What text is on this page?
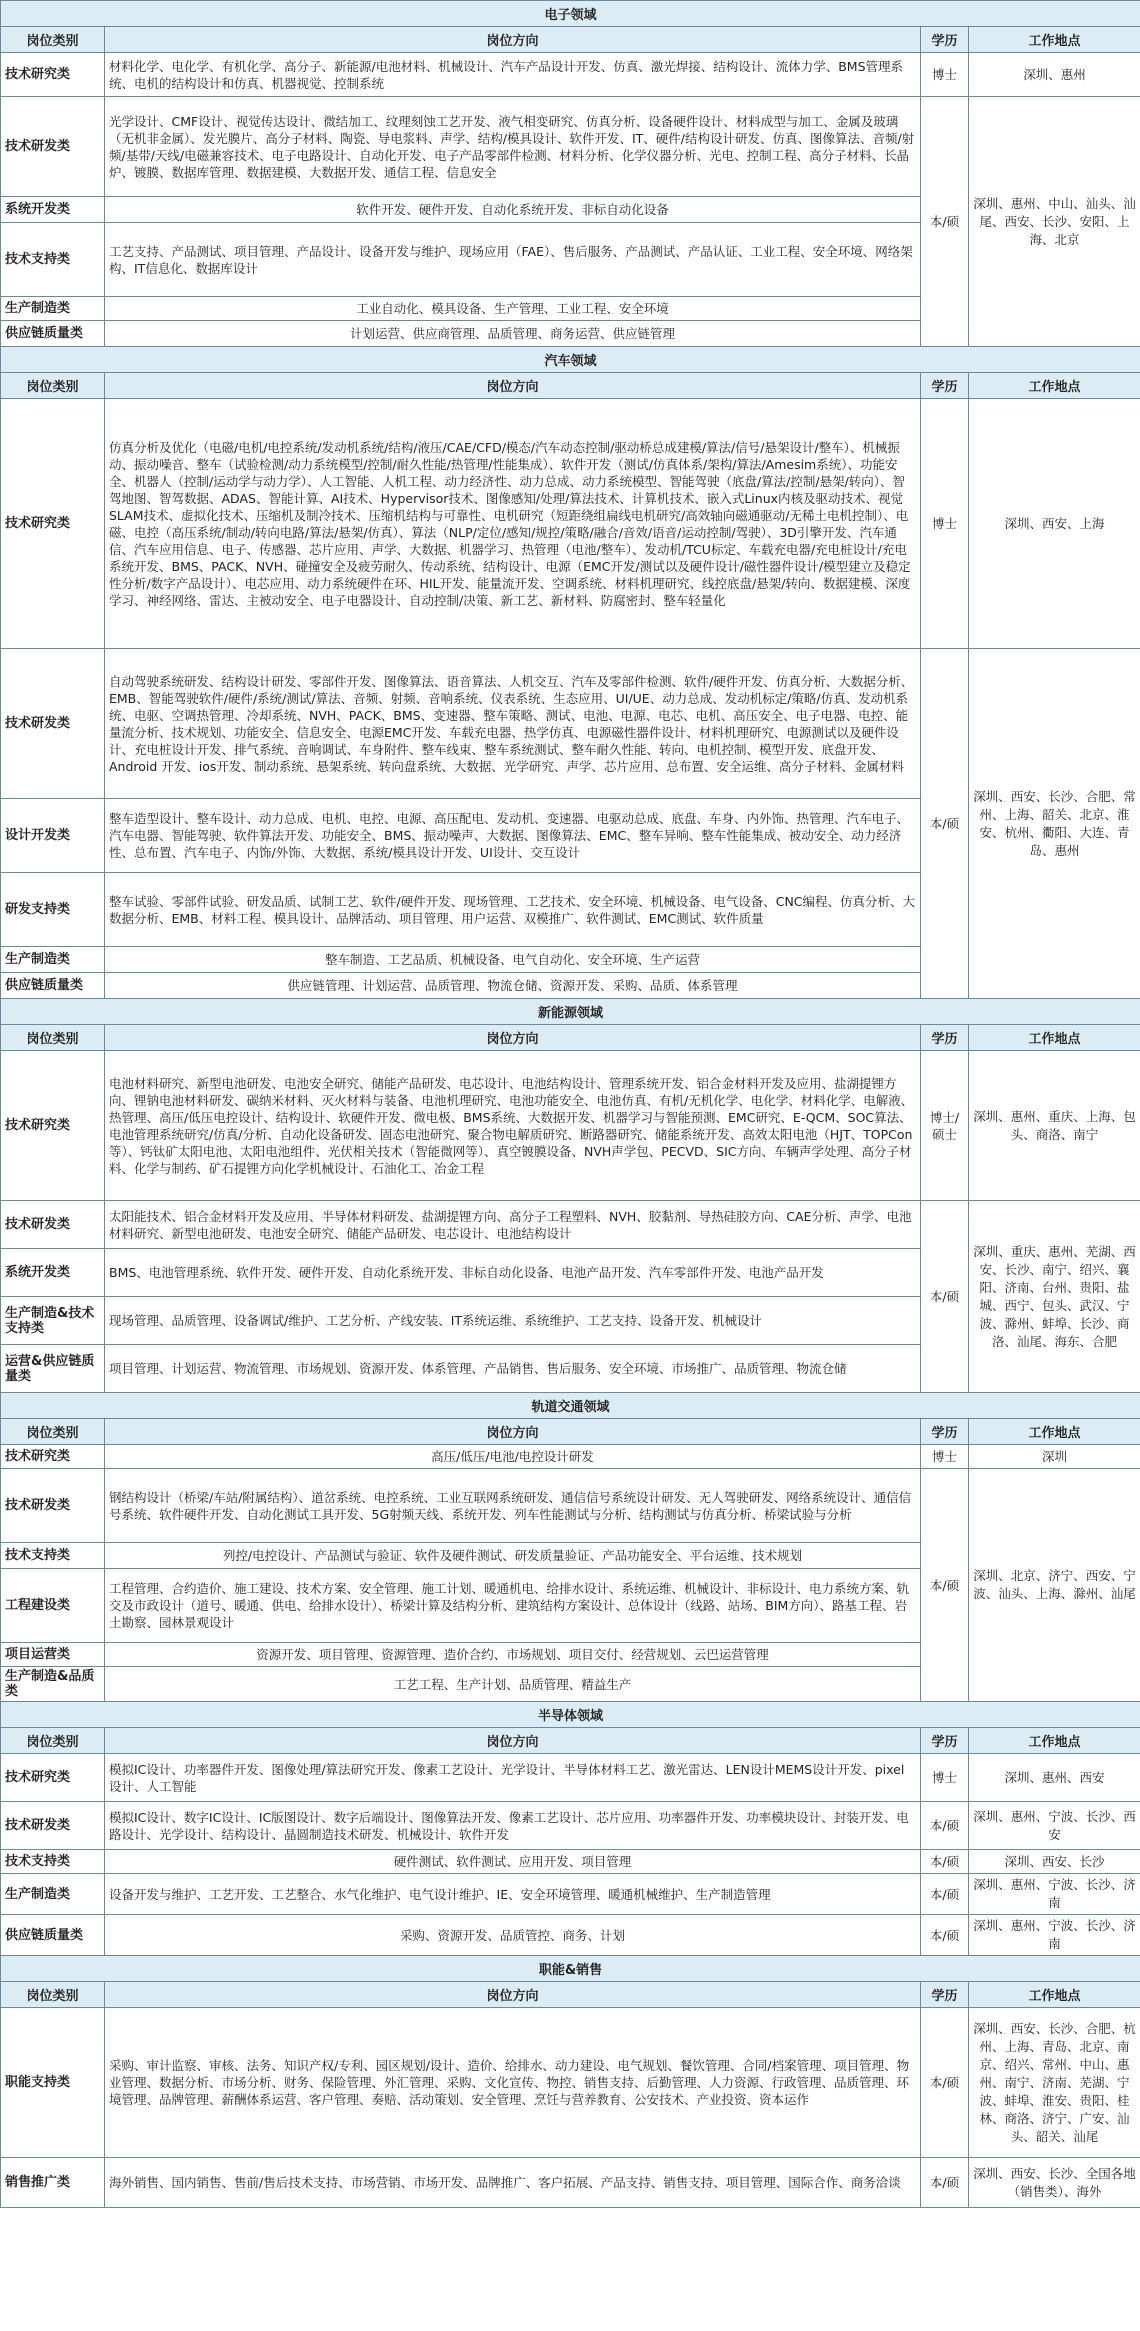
电子领域			
岗位类别	岗位方向	学历	工作地点
技术研究类	材料化学、电化学、有机化学、高分子、新能源/电池材料、机械设计、汽车产品设计开发、仿真、激光焊接、结构设计、流体力学、BMS管理系统、电机的结构设计和仿真、机器视觉、控制系统	博士	深圳、惠州
技术研发类	光学设计、CMF设计、视觉传达设计、微结加工、纹理刻蚀工艺开发、液气相变研究、仿真分析、设备硬件设计、材料成型与加工、金属及玻璃（无机非金属）、发光膜片、高分子材料、陶瓷、导电浆料、声学、结构/模具设计、软件开发、IT、硬件/结构设计研发、仿真、图像算法、音频/射频/基带/天线/电磁兼容技术、电子电路设计、自动化开发、电子产品零部件检测、材料分析、化学仪器分析、光电、控制工程、高分子材料、长晶炉、镀膜、数据库管理、数据建模、大数据开发、通信工程、信息安全	本/硕	深圳、惠州、中山、汕头、汕尾、西安、长沙、安阳、上海、北京
系统开发类	软件开发、硬件开发、自动化系统开发、非标自动化设备		
技术支持类	工艺支持、产品测试、项目管理、产品设计、设备开发与维护、现场应用（FAE）、售后服务、产品测试、产品认证、工业工程、安全环境、网络架构、IT信息化、数据库设计		
生产制造类	工业自动化、模具设备、生产管理、工业工程、安全环境		
供应链质量类	计划运营、供应商管理、品质管理、商务运营、供应链管理		
汽车领域			
岗位类别	岗位方向	学历	工作地点
技术研究类	仿真分析及优化（电磁/电机/电控系统/发动机系统/结构/液压/CAE/CFD/模态/汽车动态控制/驱动桥总成建模/算法/信号/悬架设计/整车）、机械振动、振动噪音、整车（试验检测/动力系统模型/控制/耐久性能/热管理/性能集成）、软件开发（测试/仿真体系/架构/算法/Amesim系统）、功能安全、机器人（控制/运动学与动力学）、人工智能、人机工程、动力经济性、动力总成、动力系统模型、智能驾驶（底盘/算法/控制/悬架/转向）、智驾地图、智驾数据、ADAS、智能计算、AI技术、Hypervisor技术、图像感知/处理/算法技术、计算机技术、嵌入式Linux内核及驱动技术、视觉SLAM技术、虚拟化技术、压缩机及制冷技术、压缩机结构与可靠性、电机研究（短距绕组扁线电机研究/高效轴向磁通驱动/无稀土电机控制）、电磁、电控（高压系统/制动/转向电路/算法/悬架/仿真）、算法（NLP/定位/感知/规控/策略/融合/音效/语音/运动控制/驾驶）、3D引擎开发、汽车通信、汽车应用信息、电子、传感器、芯片应用、声学、大数据、机器学习、热管理（电池/整车）、发动机/TCU标定、车载充电器/充电桩设计/充电系统开发、BMS、PACK、NVH、碰撞安全及疲劳耐久、传动系统、结构设计、电源（EMC开发/测试以及硬件设计/磁性器件设计/模型建立及稳定性分析/数字产品设计）、电芯应用、动力系统硬件在环、HIL开发、能量流开发、空调系统、材料机理研究、线控底盘/悬架/转向、数据建模、深度学习、神经网络、雷达、主被动安全、电子电器设计、自动控制/决策、新工艺、新材料、防腐密封、整车轻量化	博士	深圳、西安、上海
技术研发类	自动驾驶系统研发、结构设计研发、零部件开发、图像算法、语音算法、人机交互、汽车及零部件检测、软件/硬件开发、仿真分析、大数据分析、EMB、智能驾驶软件/硬件/系统/测试/算法、音频、射频、音响系统、仪表系统、生态应用、UI/UE、动力总成、发动机标定/策略/仿真、发动机系统、电驱、空调热管理、冷却系统、NVH、PACK、BMS、变速器、整车策略、测试、电池、电源、电芯、电机、高压安全、电子电器、电控、能量流分析、技术规划、功能安全、信息安全、电源EMC开发、车载充电器、热学仿真、电源磁性器件设计、材料机理研究、电源测试以及硬件设计、充电桩设计开发、排气系统、音响调试、车身附件、整车线束、整车系统测试、整车耐久性能、转向、电机控制、模型开发、底盘开发、Android 开发、ios开发、制动系统、悬架系统、转向盘系统、大数据、光学研究、声学、芯片应用、总布置、安全运维、高分子材料、金属材料	本/硕	深圳、西安、长沙、合肥、常州、上海、韶关、北京、淮安、杭州、衢阳、大连、青岛、惠州
设计开发类	整车造型设计、整车设计、动力总成、电机、电控、电源、高压配电、发动机、变速器、电驱动总成、底盘、车身、内外饰、热管理、汽车电子、汽车电器、智能驾驶、软件算法开发、功能安全、BMS、振动噪声、大数据、图像算法、EMC、整车异响、整车性能集成、被动安全、动力经济性、总布置、汽车电子、内饰/外饰、大数据、系统/模具设计开发、UI设计、交互设计		
研发支持类	整车试验、零部件试验、研发品质、试制工艺、软件/硬件开发、现场管理、工艺技术、安全环境、机械设备、电气设备、CNC编程、仿真分析、大数据分析、EMB、材料工程、模具设计、品牌活动、项目管理、用户运营、双模推广、软件测试、EMC测试、软件质量		
生产制造类	整车制造、工艺品质、机械设备、电气自动化、安全环境、生产运营		
供应链质量类	供应链管理、计划运营、品质管理、物流仓储、资源开发、采购、品质、体系管理		
新能源领域			
岗位类别	岗位方向	学历	工作地点
技术研究类	电池材料研究、新型电池研发、电池安全研究、储能产品研发、电芯设计、电池结构设计、管理系统开发、铝合金材料开发及应用、盐湖提锂方向、锂钠电池材料研发、碳纳米材料、灭火材料与装备、电池机理研究、电池功能安全、电池仿真、有机/无机化学、电化学、材料化学、电解液、热管理、高压/低压电控设计、结构设计、软硬件开发、微电极、BMS系统、大数据开发、机器学习与智能预测、EMC研究、E-QCM、SOC算法、电池管理系统研究/仿真/分析、自动化设备研发、固态电池研究、聚合物电解质研究、断路器研究、储能系统开发、高效太阳电池（HJT、TOPCon等）、钙钛矿太阳电池、太阳电池组件、光伏相关技术（智能微网等）、真空镀膜设备、NVH声学包、PECVD、SIC方向、车辆声学处理、高分子材料、化学与制药、矿石提锂方向化学机械设计、石油化工、冶金工程	博士/硕士	深圳、惠州、重庆、上海、包头、商洛、南宁
技术研发类	太阳能技术、铝合金材料开发及应用、半导体材料研发、盐湖提锂方向、高分子工程塑料、NVH、胶黏剂、导热硅胶方向、CAE分析、声学、电池材料研究、新型电池研发、电池安全研究、储能产品研发、电芯设计、电池结构设计	本/硕	深圳、重庆、惠州、芜湖、西安、长沙、南宁、绍兴、襄阳、济南、台州、贵阳、盐城、西宁、包头、武汉、宁波、滁州、蚌埠、长沙、商洛、汕尾、海东、合肥
系统开发类	BMS、电池管理系统、软件开发、硬件开发、自动化系统开发、非标自动化设备、电池产品开发、汽车零部件开发、电池产品开发		
生产制造&技术支持类	现场管理、品质管理、设备调试/维护、工艺分析、产线安装、IT系统运维、系统维护、工艺支持、设备开发、机械设计		
运营&供应链质量类	项目管理、计划运营、物流管理、市场规划、资源开发、体系管理、产品销售、售后服务、安全环境、市场推广、品质管理、物流仓储		
轨道交通领域			
岗位类别	岗位方向	学历	工作地点
技术研究类	高压/低压/电池/电控设计研发	博士	深圳
技术研发类	钢结构设计（桥梁/车站/附属结构）、道岔系统、电控系统、工业互联网系统研发、通信信号系统设计研发、无人驾驶研发、网络系统设计、通信信号系统、软件硬件开发、自动化测试工具开发、5G射频天线、系统开发、列车性能测试与分析、结构测试与仿真分析、桥梁试验与分析	本/硕	深圳、北京、济宁、西安、宁波、汕头、上海、滁州、汕尾
技术支持类	列控/电控设计、产品测试与验证、软件及硬件测试、研发质量验证、产品功能安全、平台运维、技术规划		
工程建设类	工程管理、合约造价、施工建设、技术方案、安全管理、施工计划、暖通机电、给排水设计、系统运维、机械设计、非标设计、电力系统方案、轨交及市政设计（道号、暖通、供电、给排水设计）、桥梁计算及结构分析、建筑结构方案设计、总体设计（线路、站场、BIM方向）、路基工程、岩土勘察、园林景观设计		
项目运营类	资源开发、项目管理、资源管理、造价合约、市场规划、项目交付、经营规划、云巴运营管理		
生产制造&品质类	工艺工程、生产计划、品质管理、精益生产		
半导体领域			
岗位类别	岗位方向	学历	工作地点
技术研究类	模拟IC设计、功率器件开发、图像处理/算法研究开发、像素工艺设计、光学设计、半导体材料工艺、激光雷达、LEN设计MEMS设计开发、pixel设计、人工智能	博士	深圳、惠州、西安
技术研发类	模拟IC设计、数字IC设计、IC版图设计、数字后端设计、图像算法开发、像素工艺设计、芯片应用、功率器件开发、功率模块设计、封装开发、电路设计、光学设计、结构设计、晶圆制造技术研发、机械设计、软件开发	本/硕	深圳、惠州、宁波、长沙、西安
技术支持类	硬件测试、软件测试、应用开发、项目管理	本/硕	深圳、西安、长沙
生产制造类	设备开发与维护、工艺开发、工艺整合、水气化维护、电气设计维护、IE、安全环境管理、暖通机械维护、生产制造管理	本/硕	深圳、惠州、宁波、长沙、济南
供应链质量类	采购、资源开发、品质管控、商务、计划	本/硕	深圳、惠州、宁波、长沙、济南
职能&销售			
岗位类别	岗位方向	学历	工作地点
职能支持类	采购、审计监察、审核、法务、知识产权/专利、园区规划/设计、造价、给排水、动力建设、电气规划、餐饮管理、合同/档案管理、项目管理、物业管理、数据分析、市场分析、财务、保险管理、外汇管理、采购、文化宣传、物控、销售支持、后勤管理、人力资源、行政管理、品质管理、环境管理、品牌管理、薪酬体系运营、客户管理、奏赔、活动策划、安全管理、烹饪与营养教育、公安技术、产业投资、资本运作	本/硕	深圳、西安、长沙、合肥、杭州、上海、青岛、北京、南京、绍兴、常州、中山、惠州、南宁、济南、芜湖、宁波、蚌埠、淮安、贵阳、桂林、商洛、济宁、广安、汕头、韶关、汕尾
销售推广类	海外销售、国内销售、售前/售后技术支持、市场营销、市场开发、品牌推广、客户拓展、产品支持、销售支持、项目管理、国际合作、商务洽谈	本/硕	深圳、西安、长沙、全国各地（销售类）、海外
